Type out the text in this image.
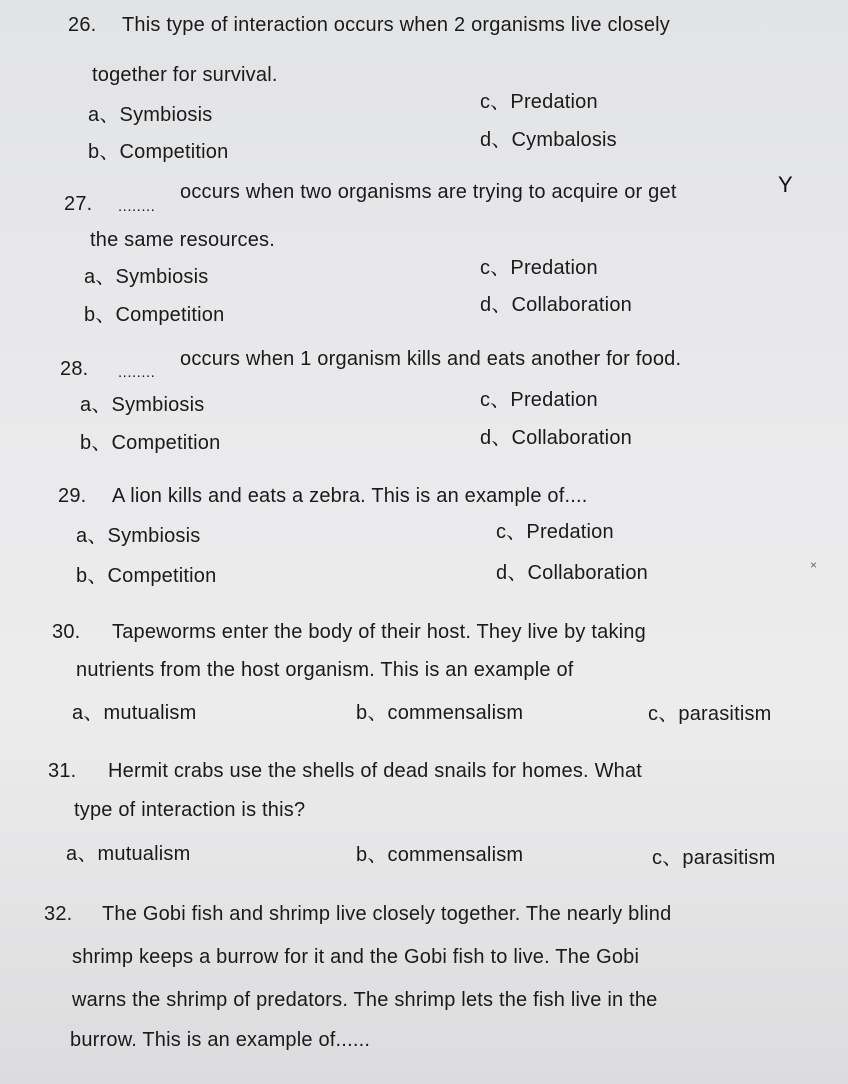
26. This type of interaction occurs when 2 organisms live closely
together for survival.
a、Symbiosis
c、Predation
b、Competition
d、Cymbalosis
27. ........
occurs when two organisms are trying to acquire or get	Y
the same resources.
a、Symbiosis	c、Predation
b、Competition	d、Collaboration
28. ........
occurs when 1 organism kills and eats another for food.
a、Symbiosis	c、Predation
b、Competition	d、Collaboration
29. A lion kills and eats a zebra. This is an example of....
a、Symbiosis	c、Predation
×
b、Competition	d、Collaboration
30. Tapeworms enter the body of their host. They live by taking
nutrients from the host organism. This is an example of
a、mutualism	b、commensalism	c、parasitism
31. Hermit crabs use the shells of dead snails for homes. What
type of interaction is this?
a、mutualism	b、commensalism	c、parasitism
32. The Gobi fish and shrimp live closely together. The nearly blind
shrimp keeps a burrow for it and the Gobi fish to live. The Gobi
warns the shrimp of predators. The shrimp lets the fish live in the
burrow. This is an example of......
